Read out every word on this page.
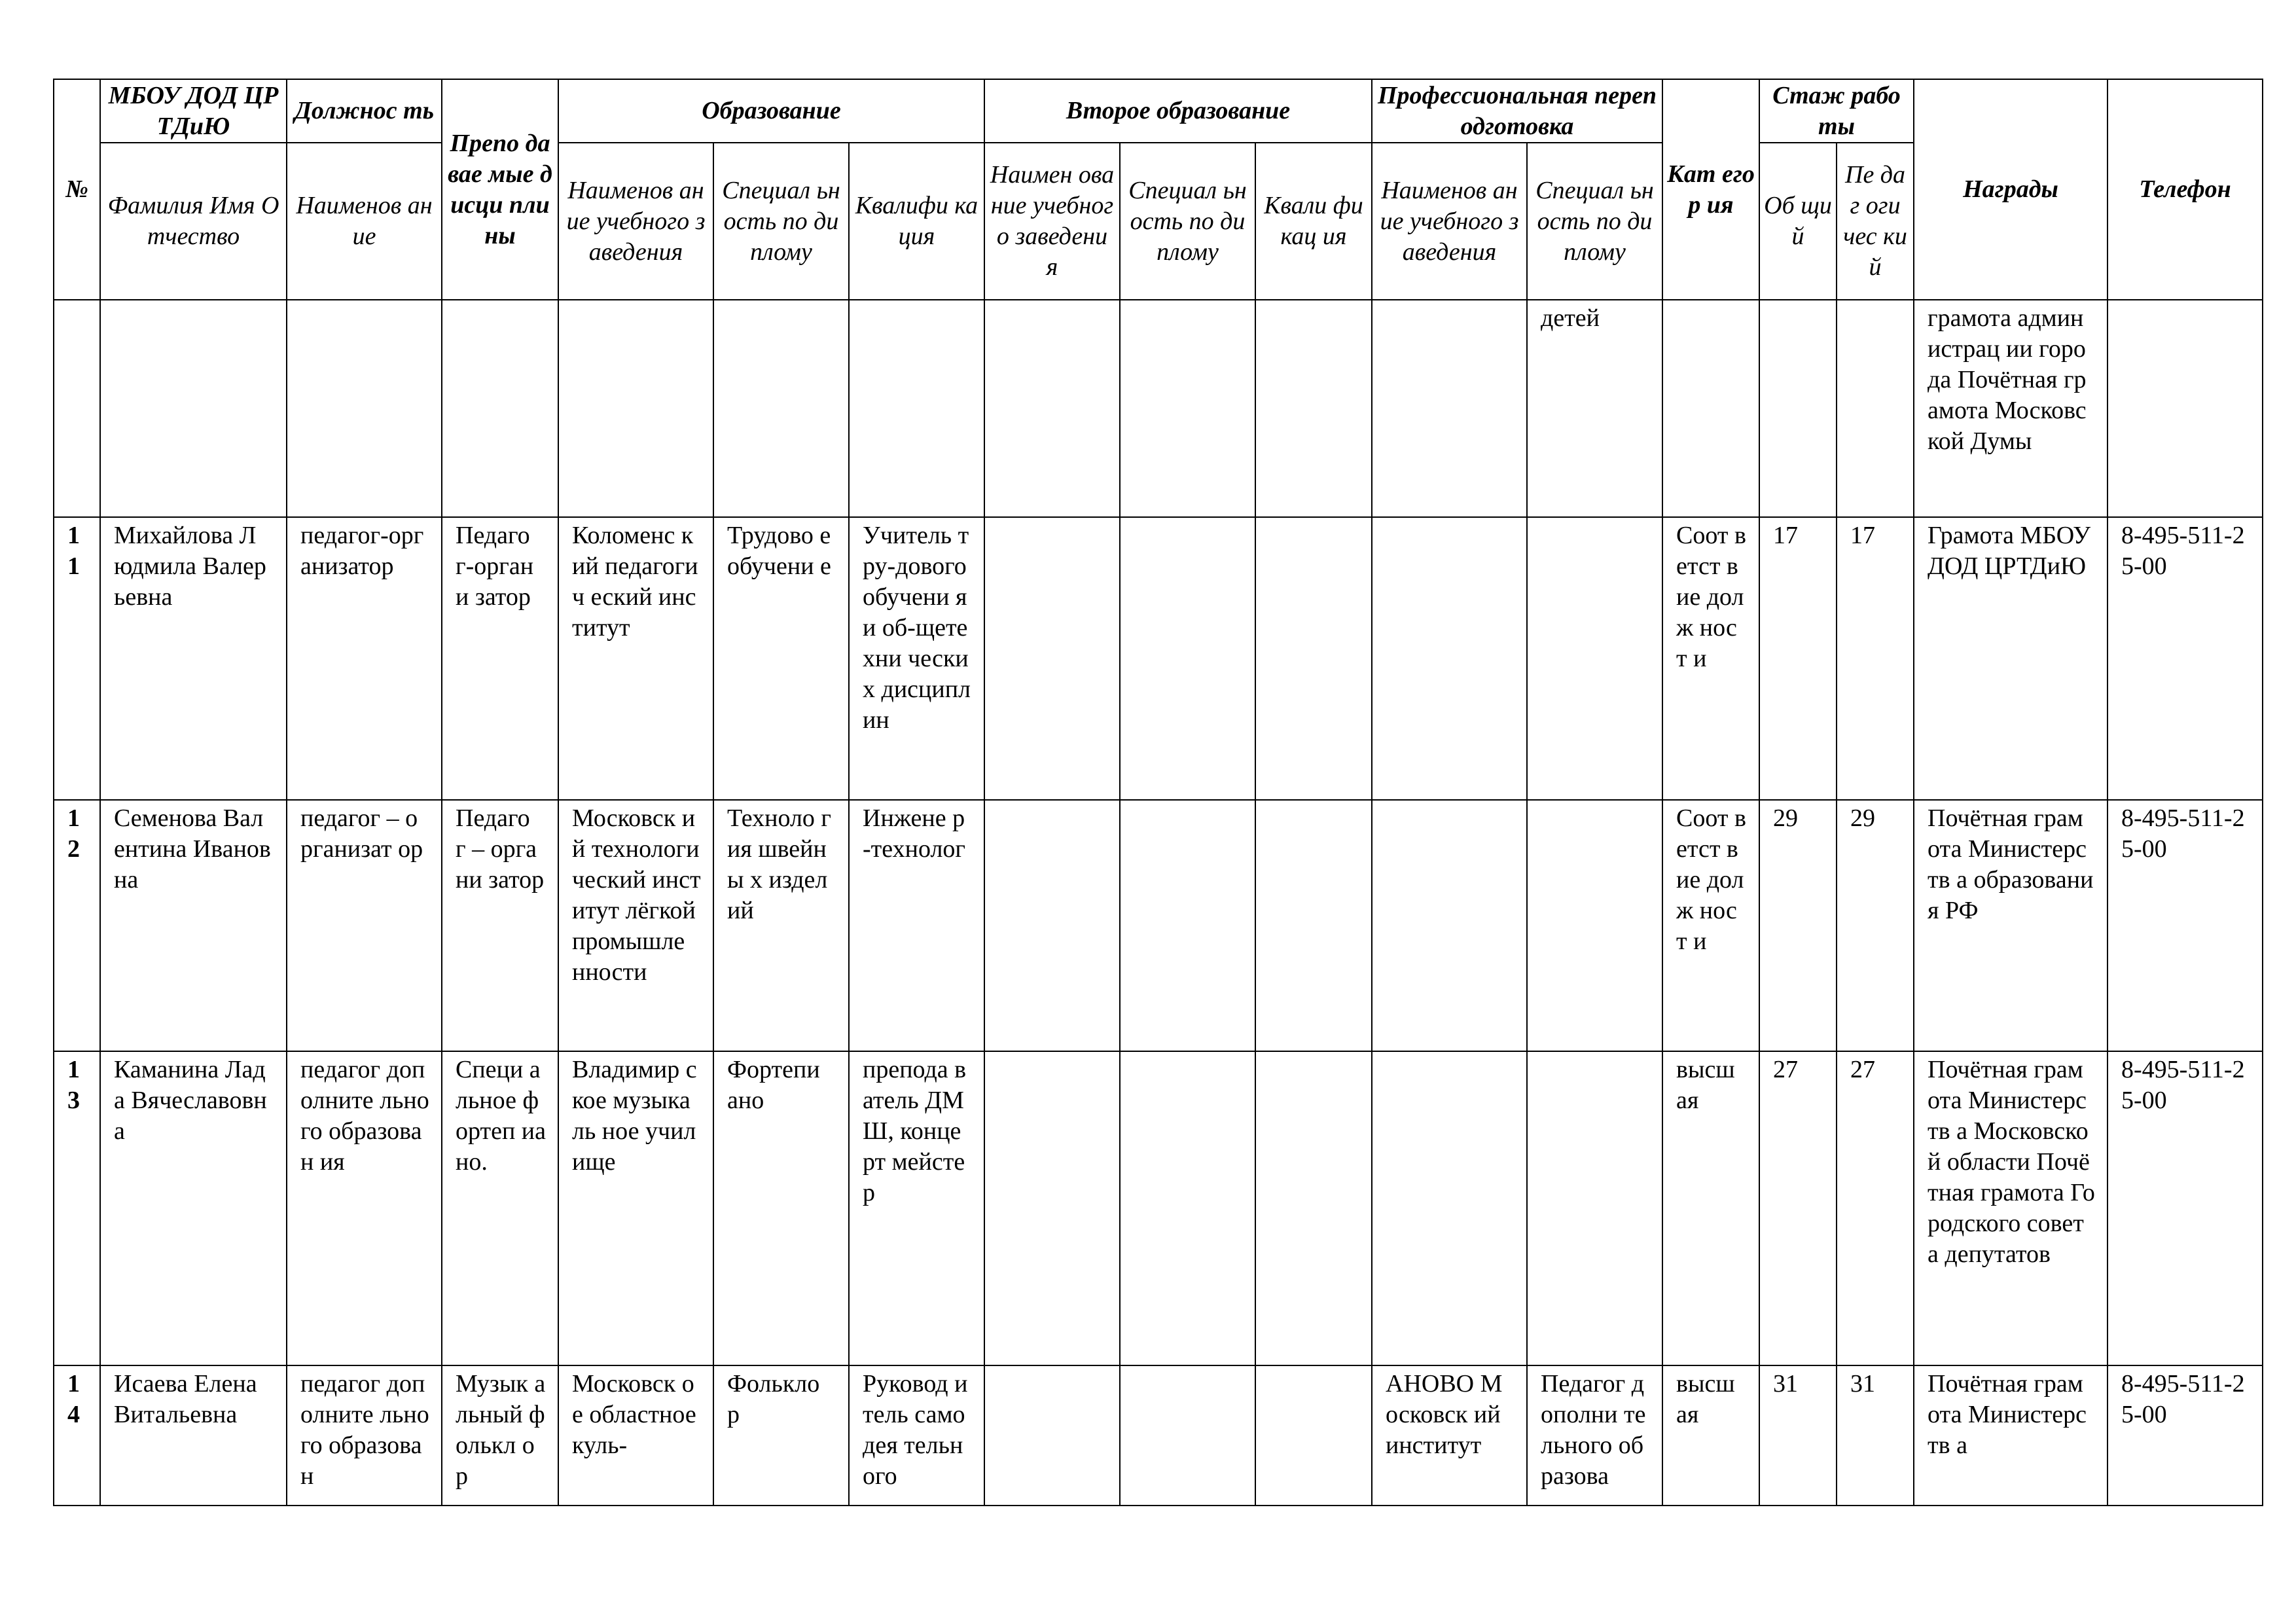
№	МБОУ ДОД ЦРТДиЮ	Должнос ть	Препо давае мые дисци плины	Образование			Второе образование			Профессиональная переподготовка		Кат егор ия	Стаж работы		Награды	Телефон
	Фамилия Имя Отчество	Наименов ание		Наименов ание учебного заведения	Специал ьность по диплому	Квалифи кация	Наимен ование учебного заведени я	Специал ьность по диплому	Квали фикац ия	Наименов ание учебного заведения	Специал ьность по диплому		Об щи й	Пе даг оги чес кий		
											детей				грамота администрац ии города Почётная грамота Московской Думы	
11	Михайлова Людмила Валерьевна	педагог-организатор	Педаго г-органи затор	Коломенс кий педагогич еский институт	Трудово е обучени е	Учитель тру-дового обучени я и об-щетехни ческих дисципл ин						Соот ветст вие долж ност и	17	17	Грамота МБОУДОД ЦРТДиЮ	8-495-511-25-00
12	Семенова Валентина Ивановна	педагог – организат ор	Педаго г – органи затор	Московск ий технологи ческий институт лёгкой промышле нности	Техноло гия швейны х изделий	Инжене р-технолог						Соот ветст вие долж ност и	29	29	Почётная грамота Министерств а образования РФ	8-495-511-25-00
13	Каманина Лада Вячеславовн а	педагог дополните льного образован ия	Специ альное фортеп иано.	Владимир ское музыкаль ное училище	Фортепи ано	препода ватель ДМШ, концерт мейстер						высш ая	27	27	Почётная грамота Министерств а Московской области Почётная грамота Городского совета депутатов	8-495-511-25-00
14	Исаева Елена Витальевна	педагог дополните льного образован	Музык альный фолькл ор	Московск ое областное куль-	Фолькло р	Руковод итель самодея тельного				АНОВО Московск ий институт	Педагог дополни тельного образова	высш ая	31	31	Почётная грамота Министерств а	8-495-511-25-00
